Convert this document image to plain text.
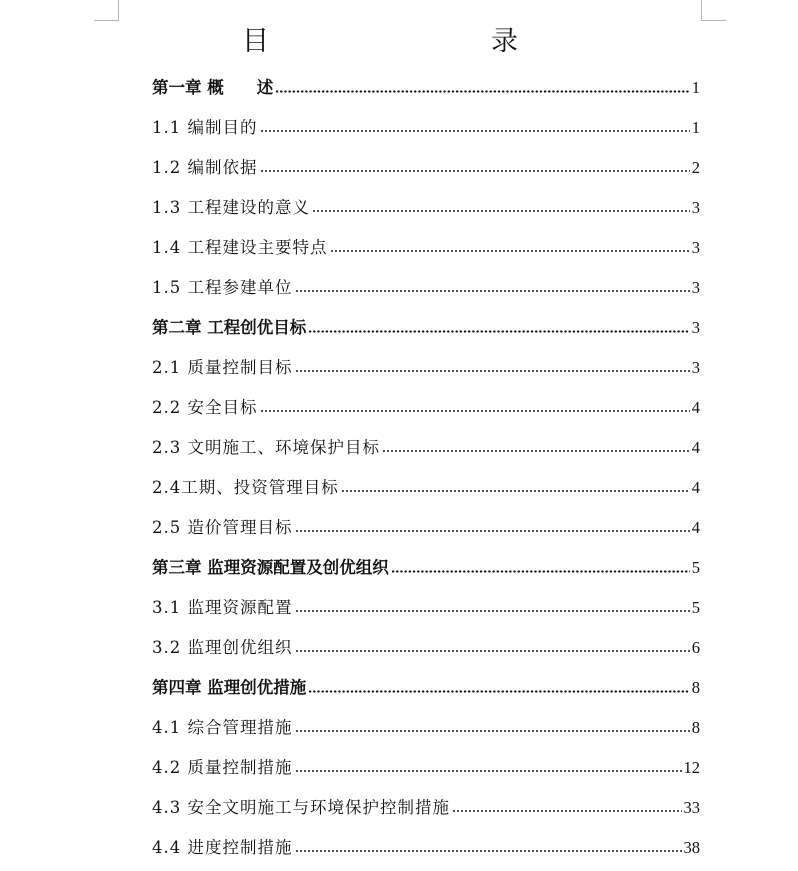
目　　录
第一章 概　　述	1
1.1 编制目的	1
1.2 编制依据	2
1.3 工程建设的意义	3
1.4 工程建设主要特点	3
1.5 工程参建单位	3
第二章 工程创优目标	3
2.1 质量控制目标	3
2.2 安全目标	4
2.3 文明施工、环境保护目标	4
2.4工期、投资管理目标	4
2.5 造价管理目标	4
第三章 监理资源配置及创优组织	5
3.1 监理资源配置	5
3.2 监理创优组织	6
第四章 监理创优措施	8
4.1 综合管理措施	8
4.2 质量控制措施	12
4.3 安全文明施工与环境保护控制措施	33
4.4 进度控制措施	38
